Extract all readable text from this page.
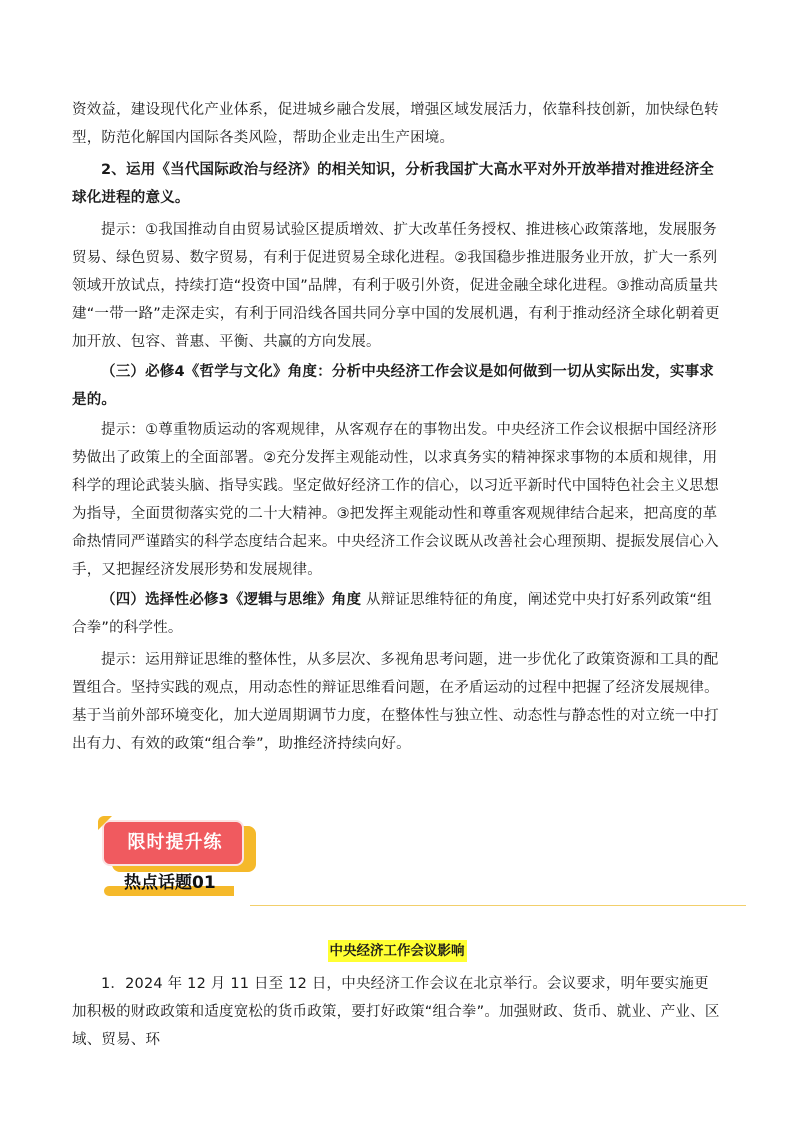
资效益，建设现代化产业体系，促进城乡融合发展，增强区域发展活力，依靠科技创新，加快绿色转型，防范化解国内国际各类风险，帮助企业走出生产困境。

2、运用《当代国际政治与经济》的相关知识，分析我国扩大高水平对外开放举措对推进经济全球化进程的意义。

提示：①我国推动自由贸易试验区提质增效、扩大改革任务授权、推进核心政策落地，发展服务贸易、绿色贸易、数字贸易，有利于促进贸易全球化进程。②我国稳步推进服务业开放，扩大一系列领域开放试点，持续打造“投资中国”品牌，有利于吸引外资，促进金融全球化进程。③推动高质量共建“一带一路”走深走实，有利于同沿线各国共同分享中国的发展机遇，有利于推动经济全球化朝着更加开放、包容、普惠、平衡、共赢的方向发展。

（三）必修4《哲学与文化》角度：分析中央经济工作会议是如何做到一切从实际出发，实事求是的。

提示：①尊重物质运动的客观规律，从客观存在的事物出发。中央经济工作会议根据中国经济形势做出了政策上的全面部署。②充分发挥主观能动性，以求真务实的精神探求事物的本质和规律，用科学的理论武装头脑、指导实践。坚定做好经济工作的信心，以习近平新时代中国特色社会主义思想为指导，全面贯彻落实党的二十大精神。③把发挥主观能动性和尊重客观规律结合起来，把高度的革命热情同严谨踏实的科学态度结合起来。中央经济工作会议既从改善社会心理预期、提振发展信心入手，又把握经济发展形势和发展规律。

（四）选择性必修3《逻辑与思维》角度 从辩证思维特征的角度，阐述党中央打好系列政策“组合拳”的科学性。

提示：运用辩证思维的整体性，从多层次、多视角思考问题，进一步优化了政策资源和工具的配置组合。坚持实践的观点，用动态性的辩证思维看问题，在矛盾运动的过程中把握了经济发展规律。基于当前外部环境变化，加大逆周期调节力度，在整体性与独立性、动态性与静态性的对立统一中打出有力、有效的政策“组合拳”，助推经济持续向好。

限时提升练
热点话题01
中央经济工作会议影响

1．2024 年 12 月 11 日至 12 日，中央经济工作会议在北京举行。会议要求，明年要实施更加积极的财政政策和适度宽松的货币政策，要打好政策“组合拳”。加强财政、货币、就业、产业、区域、贸易、环
